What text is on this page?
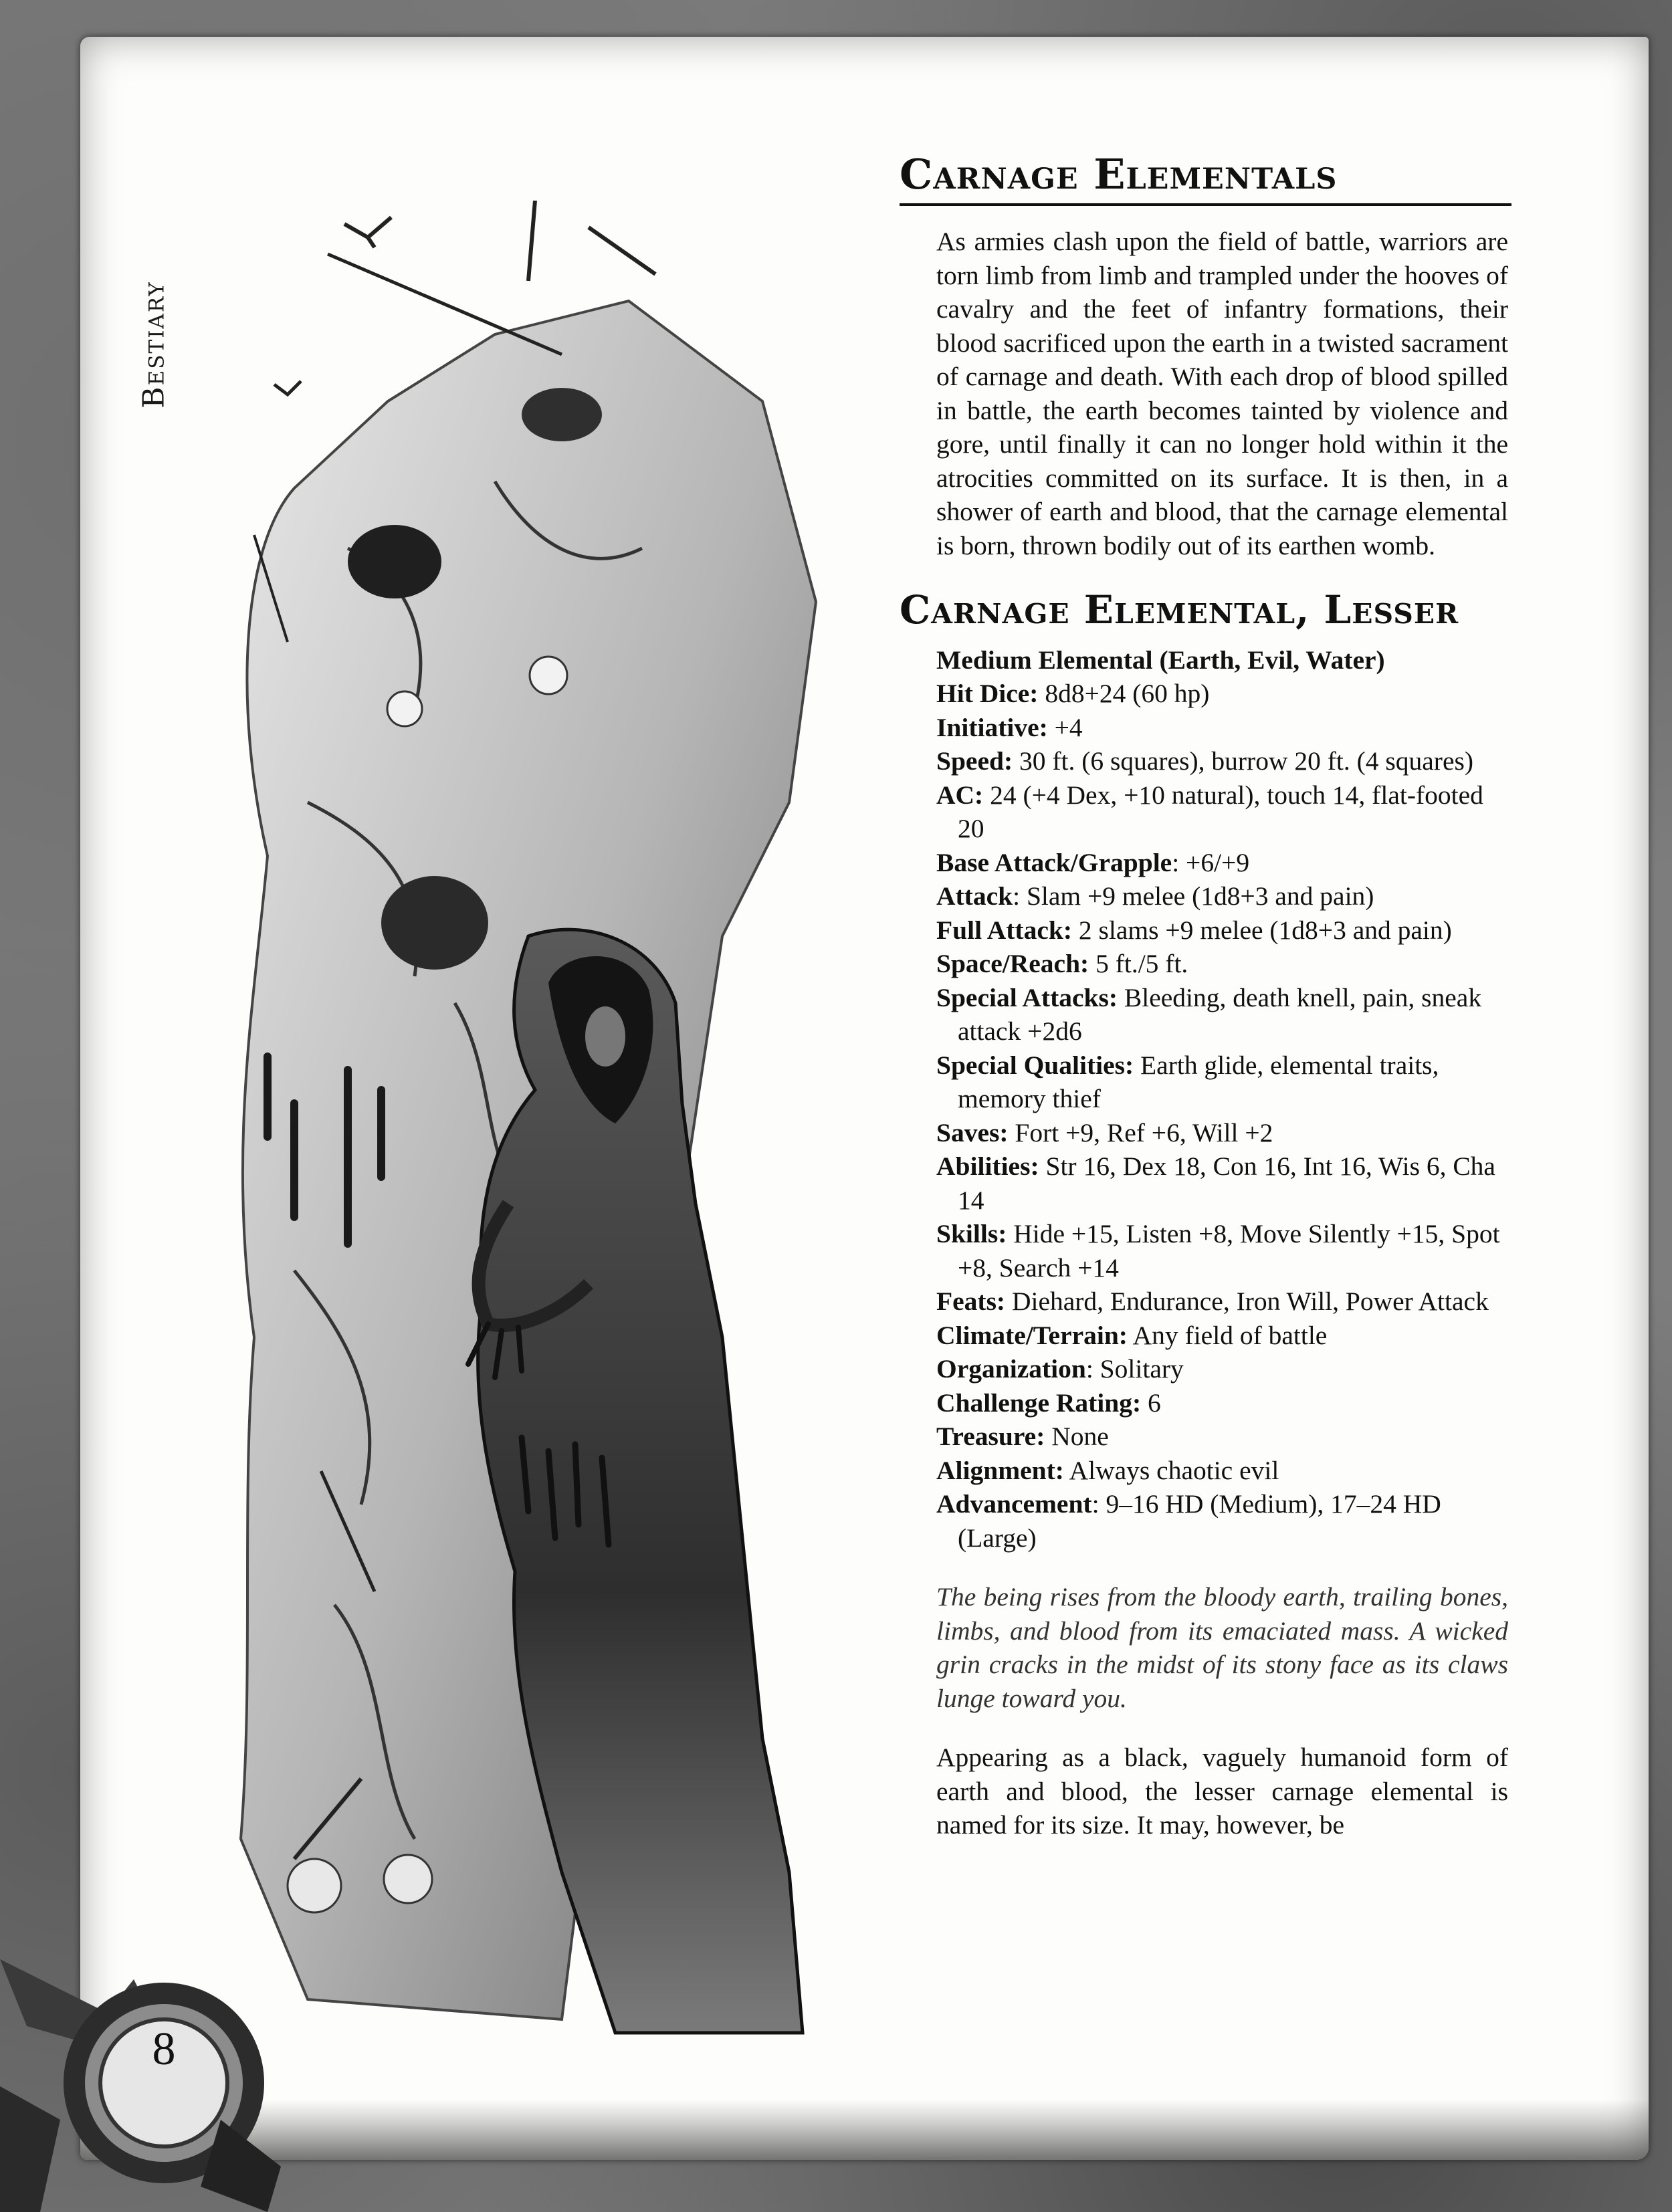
Bestiary
Carnage Elementals

As armies clash upon the field of battle, warriors are torn limb from limb and trampled under the hooves of cavalry and the feet of infantry formations, their blood sacrificed upon the earth in a twisted sacrament of carnage and death. With each drop of blood spilled in battle, the earth becomes tainted by violence and gore, until finally it can no longer hold within it the atrocities committed on its surface. It is then, in a shower of earth and blood, that the carnage elemental is born, thrown bodily out of its earthen womb.

Carnage Elemental, Lesser
Medium Elemental (Earth, Evil, Water)
Hit Dice: 8d8+24 (60 hp)
Initiative: +4
Speed: 30 ft. (6 squares), burrow 20 ft. (4 squares)
AC: 24 (+4 Dex, +10 natural), touch 14, flat-footed 20
Base Attack/Grapple: +6/+9
Attack: Slam +9 melee (1d8+3 and pain)
Full Attack: 2 slams +9 melee (1d8+3 and pain)
Space/Reach: 5 ft./5 ft.
Special Attacks: Bleeding, death knell, pain, sneak attack +2d6
Special Qualities: Earth glide, elemental traits, memory thief
Saves: Fort +9, Ref +6, Will +2
Abilities: Str 16, Dex 18, Con 16, Int 16, Wis 6, Cha 14
Skills: Hide +15, Listen +8, Move Silently +15, Spot +8, Search +14
Feats: Diehard, Endurance, Iron Will, Power Attack
Climate/Terrain: Any field of battle
Organization: Solitary
Challenge Rating: 6
Treasure: None
Alignment: Always chaotic evil
Advancement: 9–16 HD (Medium), 17–24 HD (Large)

The being rises from the bloody earth, trailing bones, limbs, and blood from its emaciated mass. A wicked grin cracks in the midst of its stony face as its claws lunge toward you.

Appearing as a black, vaguely humanoid form of earth and blood, the lesser carnage elemental is named for its size. It may, however, be

8
